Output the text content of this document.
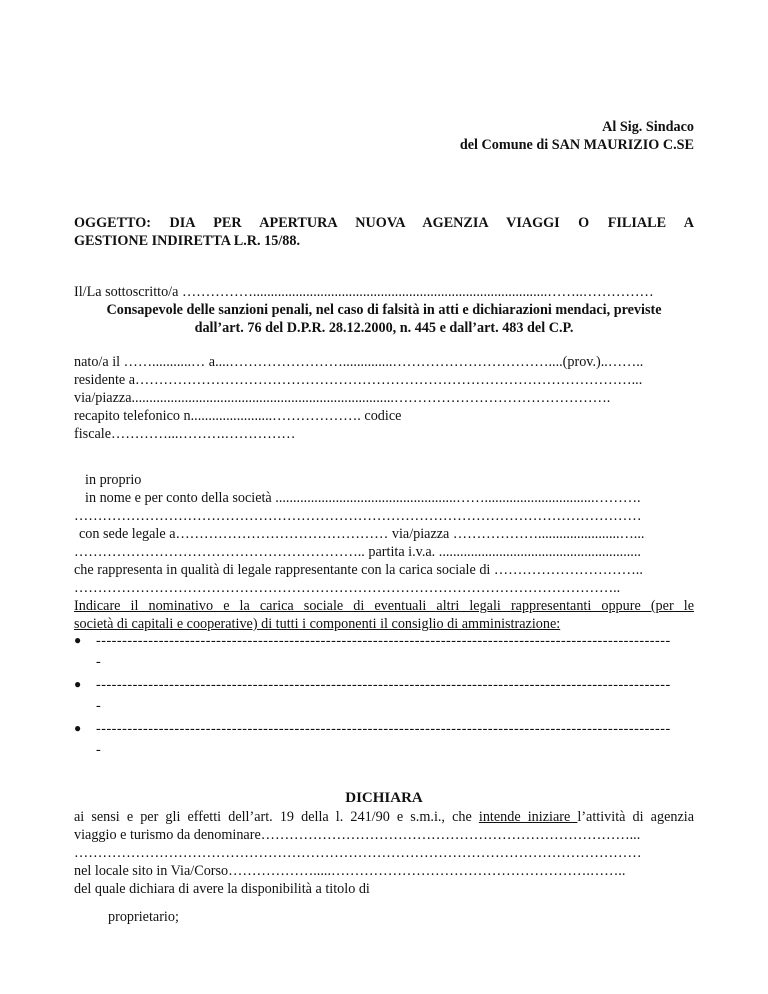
Al Sig. Sindaco
del Comune di SAN MAURIZIO C.SE
OGGETTO: DIA PER APERTURA NUOVA AGENZIA VIAGGI O FILIALE A
GESTIONE INDIRETTA L.R. 15/88.
Il/La sottoscritto/a ……………...................................................................................……..……………
Consapevole delle sanzioni penali, nel caso di falsità in atti e dichiarazioni mendaci, previste
dall’art. 76 del D.P.R. 28.12.2000, n. 445 e dall’art. 483 del C.P.
nato/a il ……...........… a....……………………..............……………………………....(prov.)..……..
residente a……………………………………………………………………………………………...
via/piazza..........................................................................……………………………………….
recapito telefonico n.......................………………. codice
fiscale…………...……….……………
in proprio
in nome e per conto della società ...................................................……...............................……….
…………………………………………………………………………………………………………
con sede legale a……………………………………… via/piazza ……………….......................…...
…………………………………………………….. partita i.v.a. .........................................................
che rappresenta in qualità di legale rappresentante con la carica sociale di …………………………..
……………………………………………………………………………………………………..
Indicare il nominativo e la carica sociale di eventuali altri legali rappresentanti oppure (per le
società di capitali e cooperative) di tutti i componenti il consiglio di amministrazione:
● --------------------------------------------------------------------------------------------------------------
-
● --------------------------------------------------------------------------------------------------------------
-
● --------------------------------------------------------------------------------------------------------------
-
DICHIARA
ai sensi e per gli effetti dell’art. 19 della l. 241/90 e s.m.i., che intende iniziare l’attività di agenzia
viaggio e turismo da denominare……………………………………………………………………...
…………………………………………………………………………………………………………
nel locale sito in Via/Corso……………….....……………………………………………….……..
del quale dichiara di avere la disponibilità a titolo di
proprietario;
